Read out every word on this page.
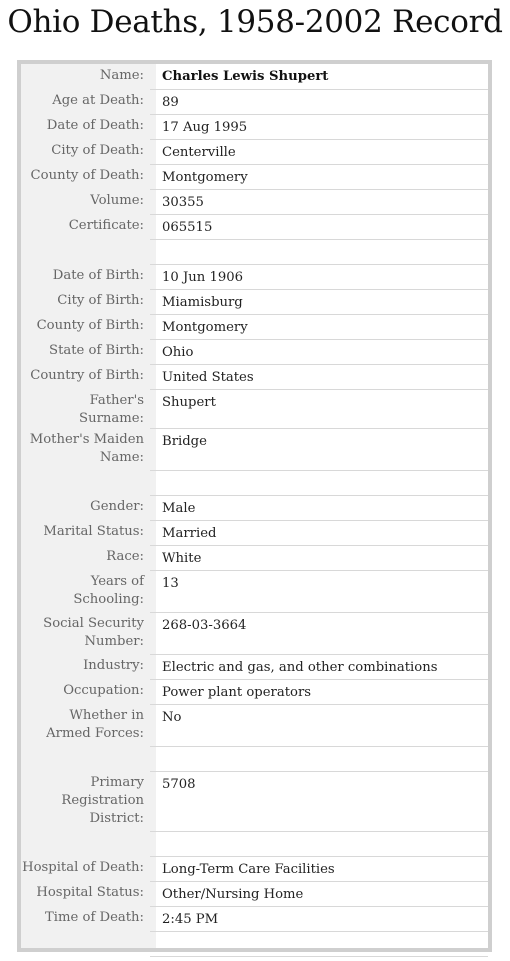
Ohio Deaths, 1958-2002 Record
Name:	Charles Lewis Shupert
Age at Death:	89
Date of Death:	17 Aug 1995
City of Death:	Centerville
County of Death:	Montgomery
Volume:	30355
Certificate:	065515

Date of Birth:	10 Jun 1906
City of Birth:	Miamisburg
County of Birth:	Montgomery
State of Birth:	Ohio
Country of Birth:	United States
Father's Surname:	Shupert
Mother's Maiden Name:	Bridge

Gender:	Male
Marital Status:	Married
Race:	White
Years of Schooling:	13
Social Security Number:	268-03-3664
Industry:	Electric and gas, and other combinations
Occupation:	Power plant operators
Whether in Armed Forces:	No

Primary Registration District:	5708

Hospital of Death:	Long-Term Care Facilities
Hospital Status:	Other/Nursing Home
Time of Death:	2:45 PM
